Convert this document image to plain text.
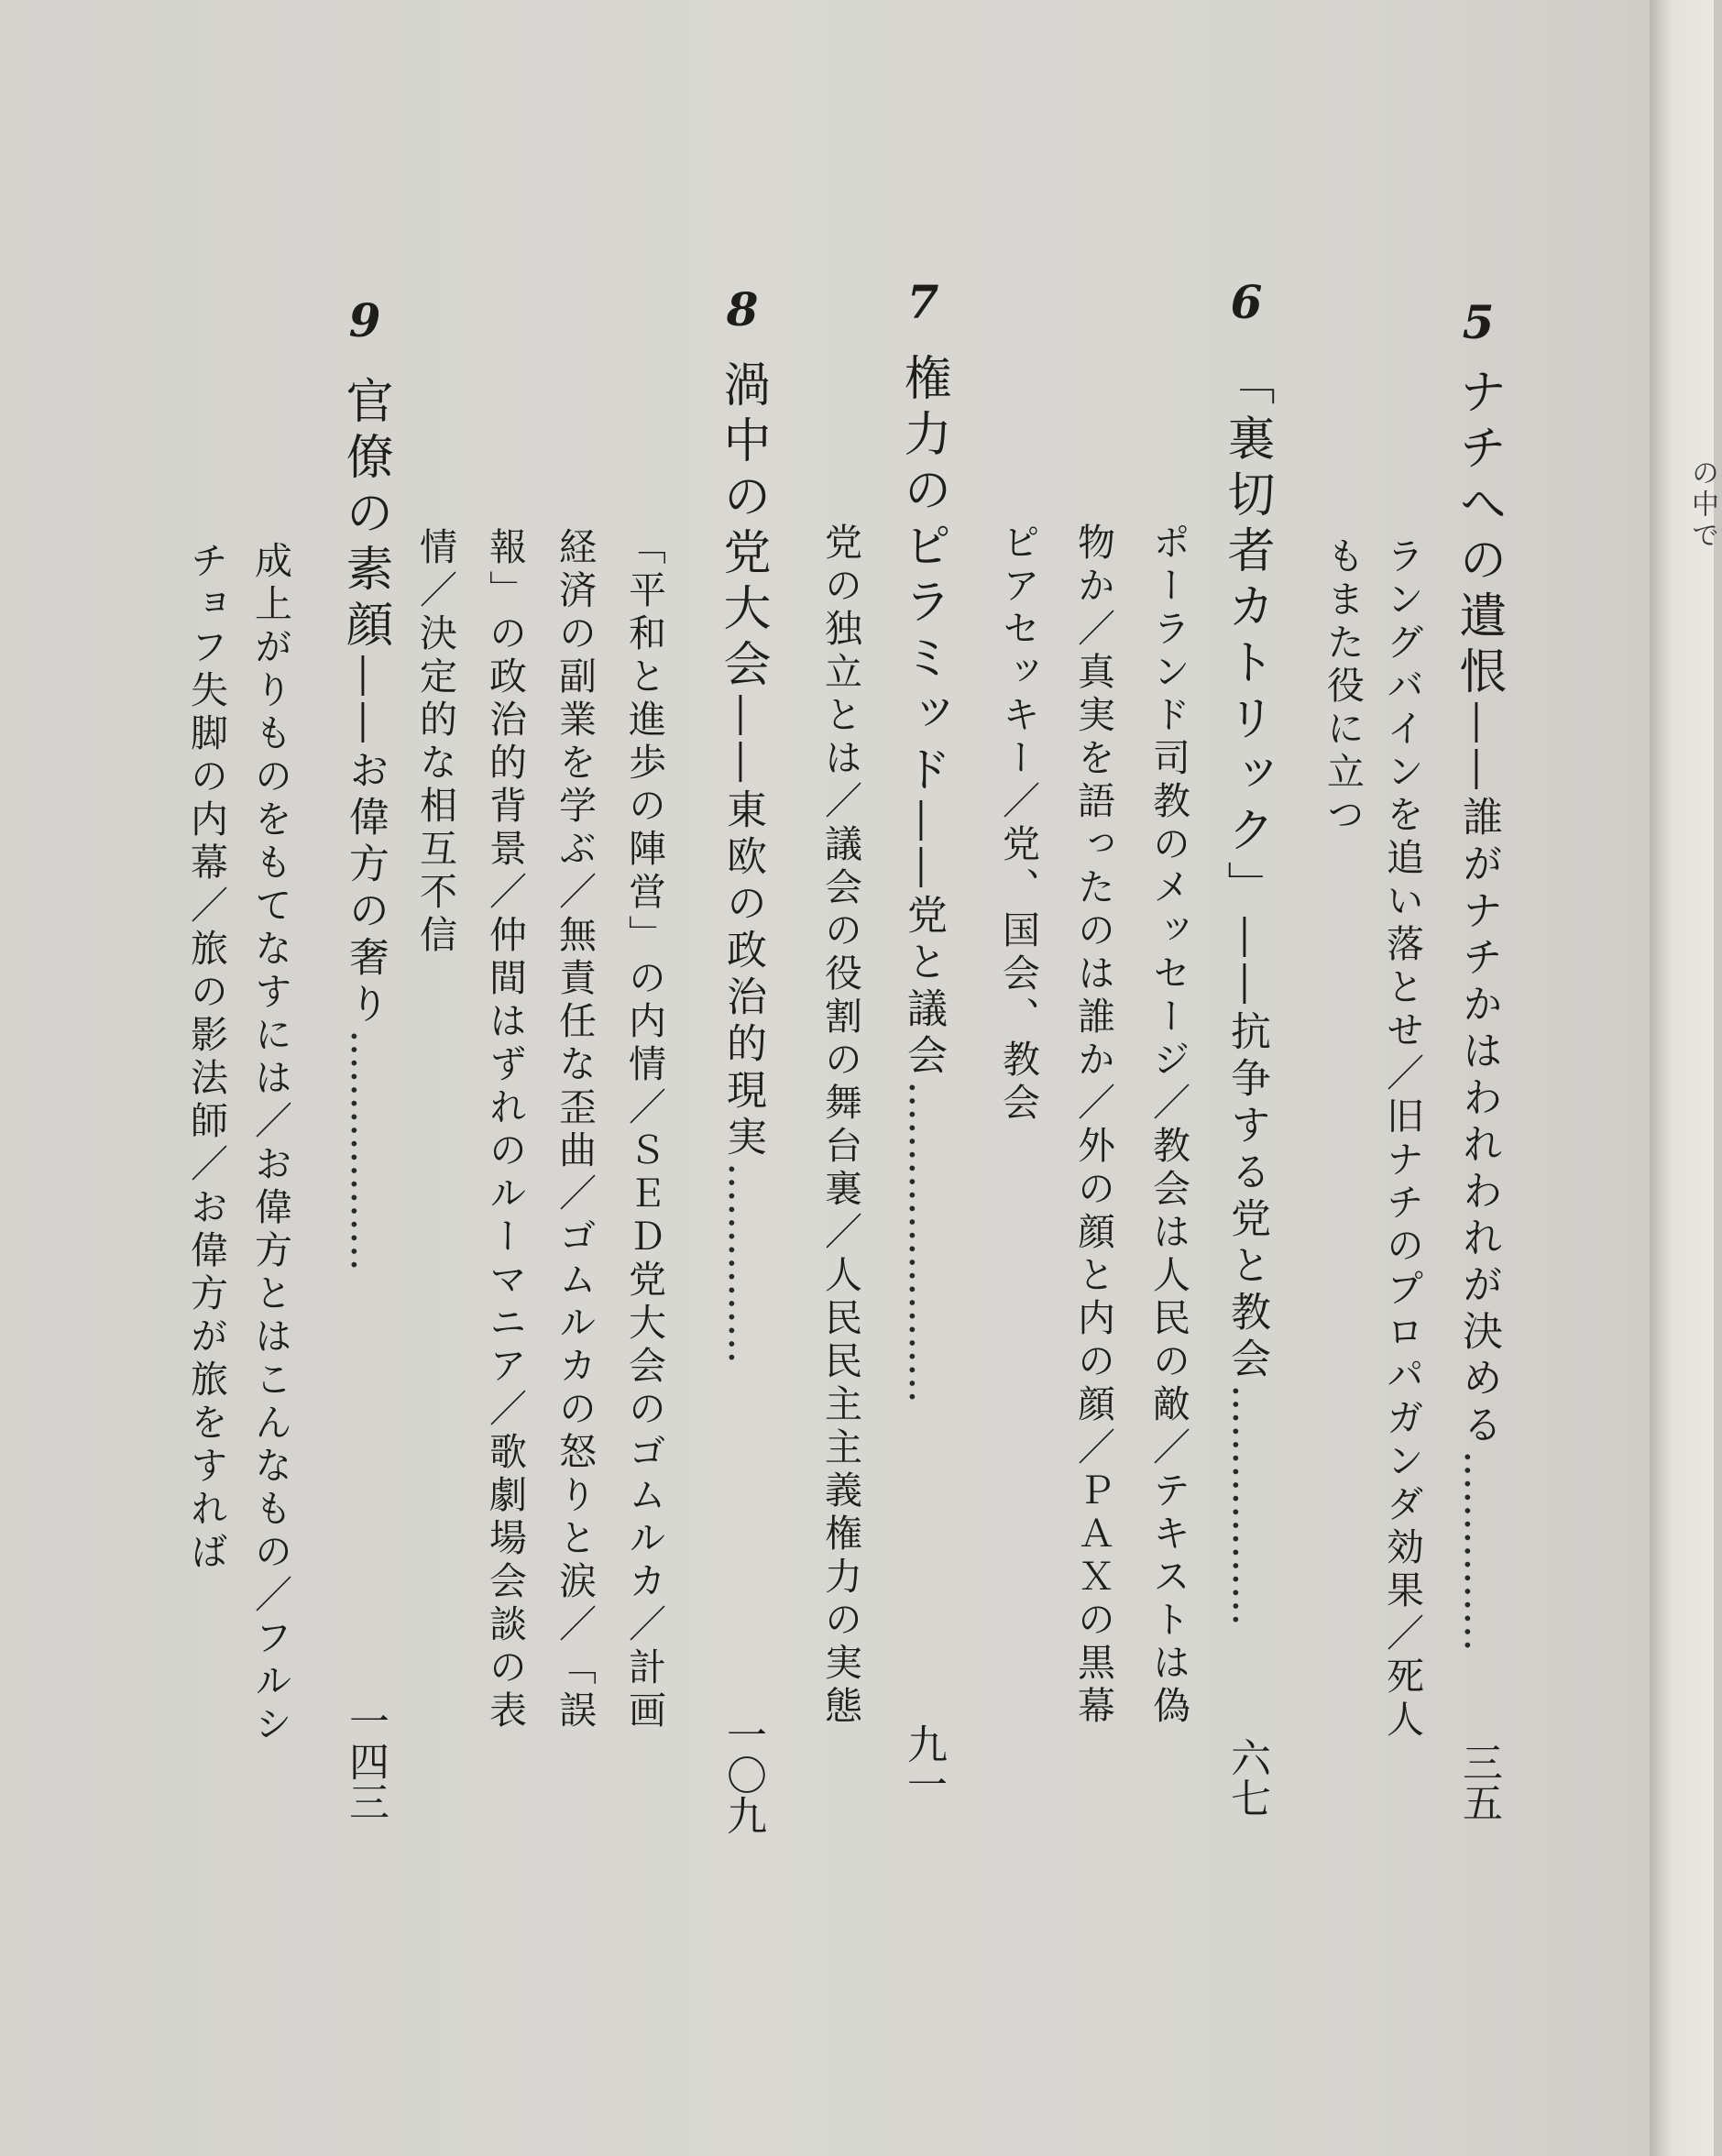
の中で
5
ナチへの遺恨――誰がナチかはわれわれが決める……………
三五
ラングバインを追い落とせ／旧ナチのプロパガンダ効果／死人
もまた役に立つ
6
「裏切者カトリック」――抗争する党と教会………………
六七
ポーランド司教のメッセージ／教会は人民の敵／テキストは偽
物か／真実を語ったのは誰か／外の顔と内の顔／ＰＡＸの黒幕
ピアセッキー／党、国会、教会
7
権力のピラミッド――党と議会……………………
九一
党の独立とは／議会の役割の舞台裏／人民民主主義権力の実態
8
渦中の党大会――東欧の政治的現実……………
一〇九
「平和と進歩の陣営」の内情／ＳＥＤ党大会のゴムルカ／計画
経済の副業を学ぶ／無責任な歪曲／ゴムルカの怒りと涙／「誤
報」の政治的背景／仲間はずれのルーマニア／歌劇場会談の表
情／決定的な相互不信
9
官僚の素顔――お偉方の奢り………………
一四三
成上がりものをもてなすには／お偉方とはこんなもの／フルシ
チョフ失脚の内幕／旅の影法師／お偉方が旅をすれば
